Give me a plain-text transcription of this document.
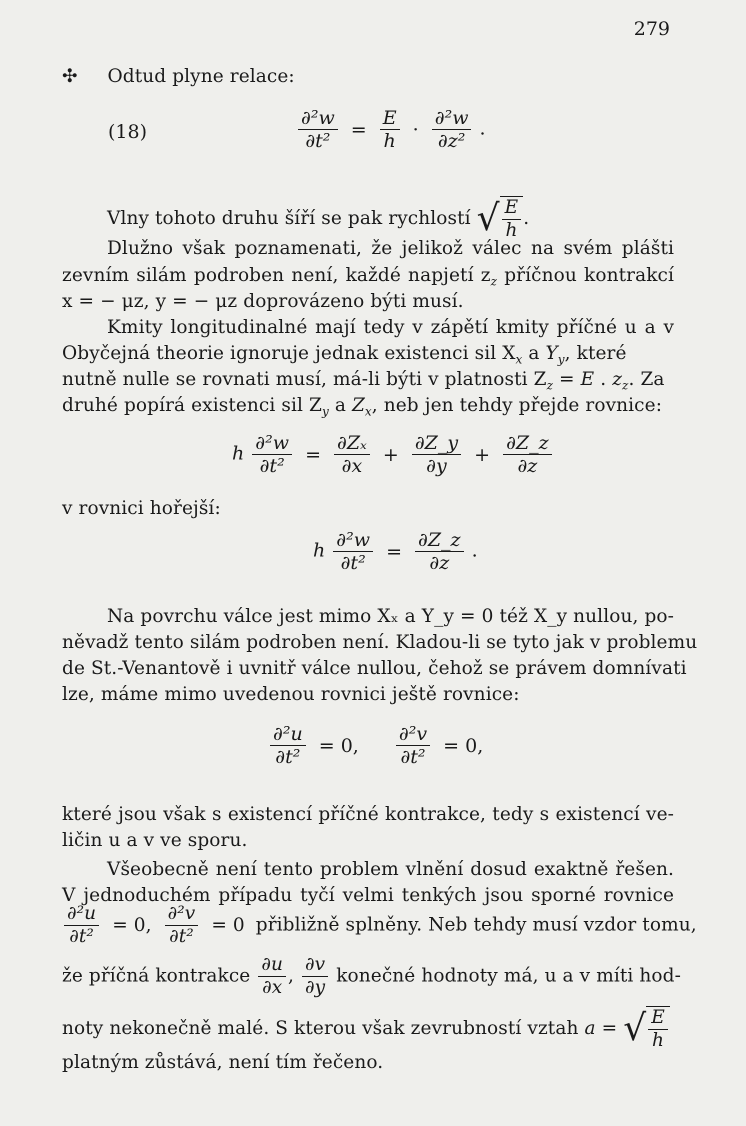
279
✣ Odtud plyne relace:
(18)	$\frac{\text{∂²w}}{\text{∂t²}} = \frac{E}{h} \cdot \frac{\text{∂²w}}{\text{∂z²}}$ .
Vlny tohoto druhu šíří se pak rychlostí √ $\frac{E}{h}$ .
Dlužno však poznamenati, že jelikož válec na svém plášti
zevním silám podroben není, každé napjetí $z_z$ příčnou kontrakcí
x = − μz, y = − μz doprovázeno býti musí.
Kmity longitudinalné mají tedy v zápětí kmity příčné u a v
Obyčejná theorie ignoruje jednak existenci sil $X_x$ a $Y_y$, které
nutně nulle se rovnati musí, má-li býti v platnosti $Z_z = E$ . $z_z$. Za
druhé popírá existenci sil $Z_y$ a $Z_x$, neb jen tehdy přejde rovnice:
h $\frac{\text{∂²w}}{\text{∂t²}} = \frac{\text{∂Zₓ}}{\partial x} + \frac{\partial Z\_y}{\partial y} + \frac{\partial Z\_z}{\partial z}$
v rovnici hořejší:
h $\frac{\text{∂²w}}{\text{∂t²}} = \frac{\partial Z\_z}{\partial z}$ .
Na povrchu válce jest mimo Xₓ a Y_y = 0 též X_y nullou, po-
něvadž tento silám podroben není. Kladou-li se tyto jak v problemu
de St.-Venantově i uvnitř válce nullou, čehož se právem domnívati
lze, máme mimo uvedenou rovnici ještě rovnice:
$\frac{\text{∂²u}}{\text{∂t²}} = 0$, $\frac{\text{∂²v}}{\text{∂t²}} = 0$,
které jsou však s existencí příčné kontrakce, tedy s existencí ve-
ličin u a v ve sporu.
Všeobecně není tento problem vlnění dosud exaktně řešen.
V jednoduchém případu tyčí velmi tenkých jsou sporné rovnice
$\frac{\text{∂²u}}{\text{∂t²}} = 0$, $\frac{\text{∂²v}}{\text{∂t²}} = 0$ přibližně splněny. Neb tehdy musí vzdor tomu,
že příčná kontrakce $\frac{\partial u}{\partial x}$ , $\frac{\partial v}{\partial y}$ konečné hodnoty má, u a v míti hod-
noty nekonečně malé. S kterou však zevrubností vztah a = √ $\frac{E}{h}$
platným zůstává, není tím řečeno.
